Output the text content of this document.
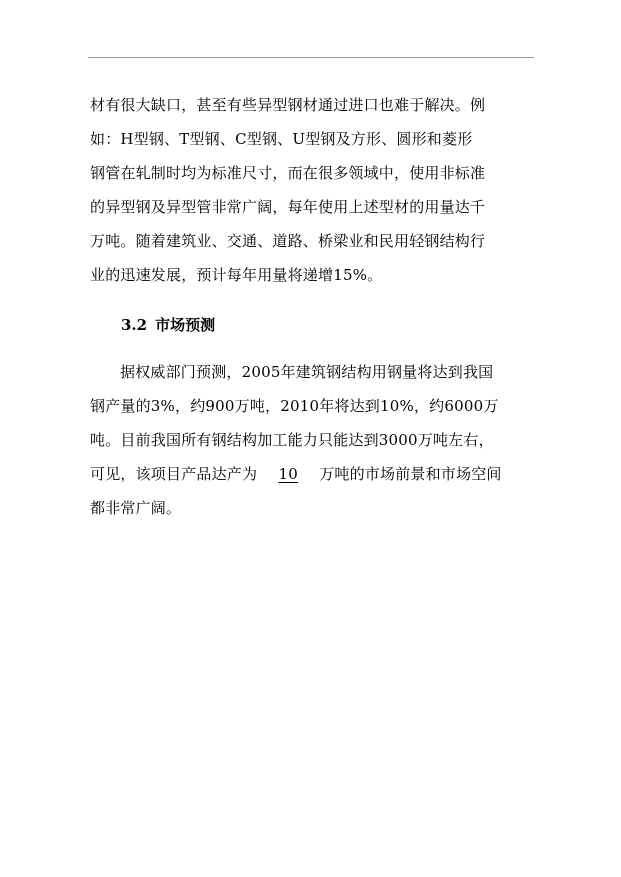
材有很大缺口，甚至有些异型钢材通过进口也难于解决。例
如：H型钢、T型钢、C型钢、U型钢及方形、圆形和菱形
钢管在轧制时均为标准尺寸，而在很多领域中，使用非标准
的异型钢及异型管非常广阔，每年使用上述型材的用量达千
万吨。随着建筑业、交通、道路、桥梁业和民用轻钢结构行
业的迅速发展，预计每年用量将递增15%。

3.2 市场预测

据权威部门预测，2005年建筑钢结构用钢量将达到我国
钢产量的3%，约900万吨，2010年将达到10%，约6000万
吨。目前我国所有钢结构加工能力只能达到3000万吨左右，
可见，该项目产品达产为 10 万吨的市场前景和市场空间
都非常广阔。
